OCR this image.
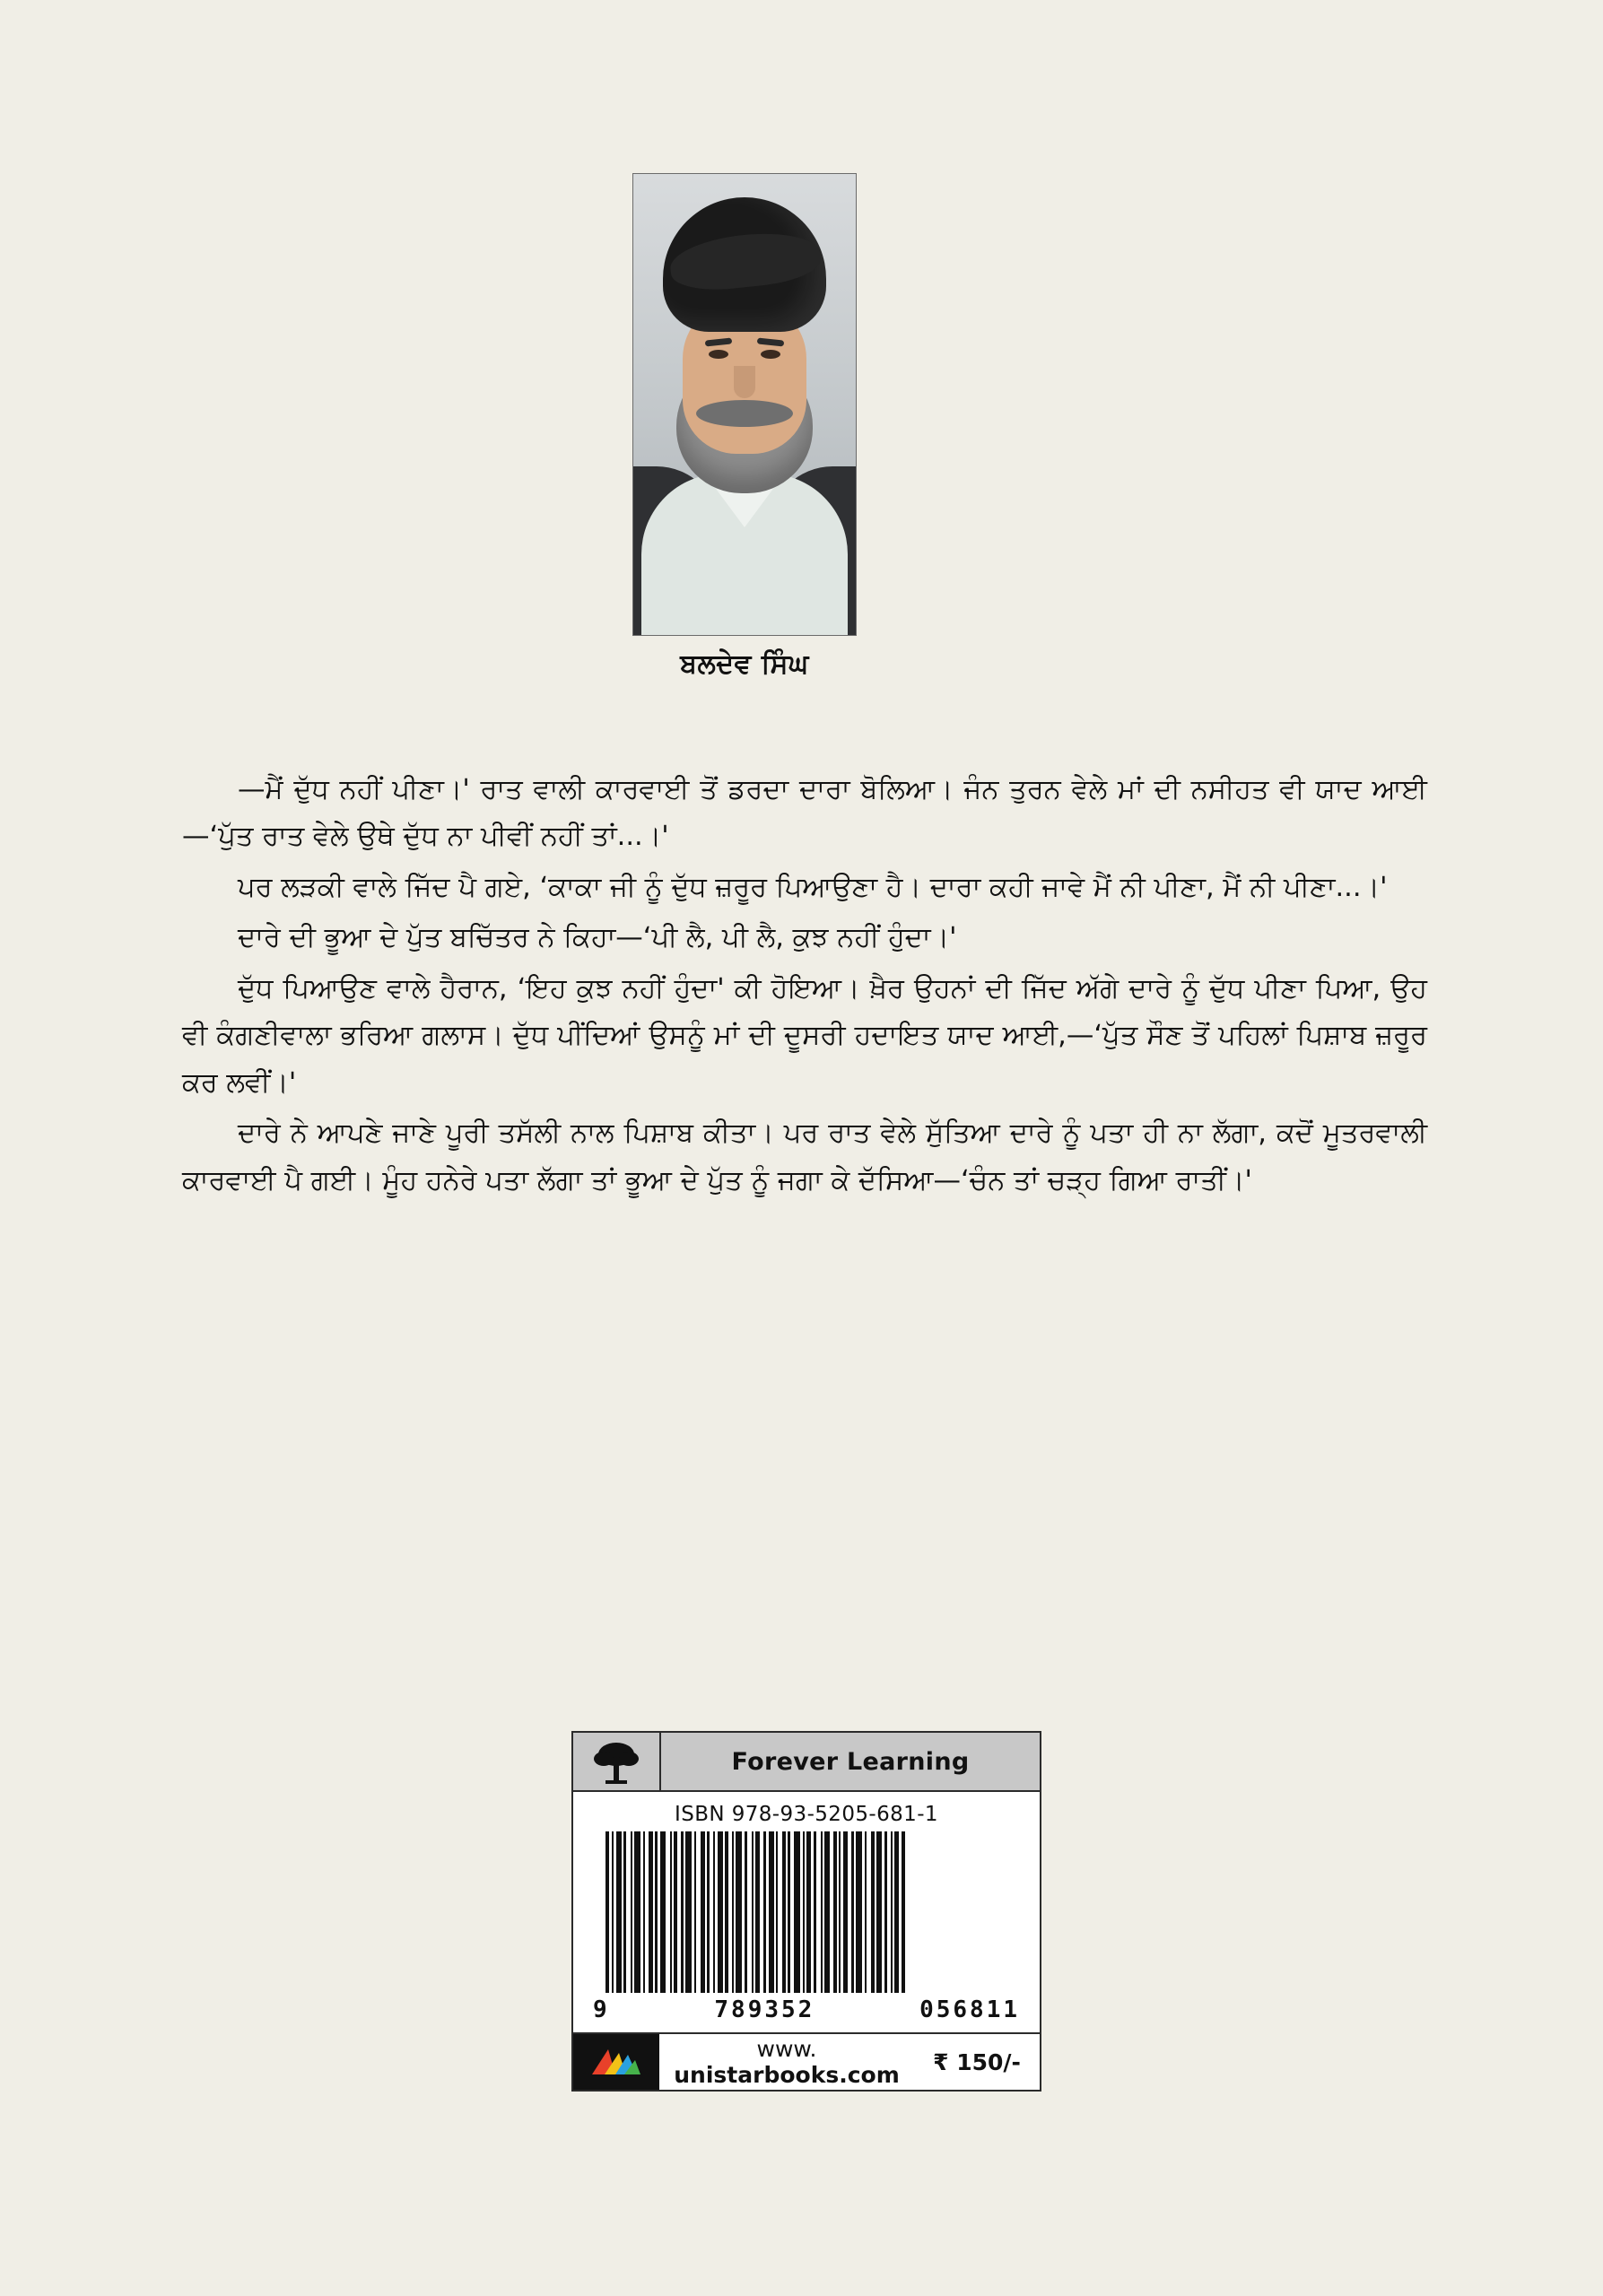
ਬਲਦੇਵ ਸਿੰਘ

—ਮੈਂ ਦੁੱਧ ਨਹੀਂ ਪੀਣਾ।' ਰਾਤ ਵਾਲੀ ਕਾਰਵਾਈ ਤੋਂ ਡਰਦਾ ਦਾਰਾ ਬੋਲਿਆ। ਜੰਨ ਤੁਰਨ ਵੇਲੇ ਮਾਂ ਦੀ ਨਸੀਹਤ ਵੀ ਯਾਦ ਆਈ—‘ਪੁੱਤ ਰਾਤ ਵੇਲੇ ਉਥੇ ਦੁੱਧ ਨਾ ਪੀਵੀਂ ਨਹੀਂ ਤਾਂ...।'

ਪਰ ਲੜਕੀ ਵਾਲੇ ਜਿੱਦ ਪੈ ਗਏ, ‘ਕਾਕਾ ਜੀ ਨੂੰ ਦੁੱਧ ਜ਼ਰੂਰ ਪਿਆਉਣਾ ਹੈ। ਦਾਰਾ ਕਹੀ ਜਾਵੇ ਮੈਂ ਨੀ ਪੀਣਾ, ਮੈਂ ਨੀ ਪੀਣਾ...।'

ਦਾਰੇ ਦੀ ਭੂਆ ਦੇ ਪੁੱਤ ਬਚਿੱਤਰ ਨੇ ਕਿਹਾ—‘ਪੀ ਲੈ, ਪੀ ਲੈ, ਕੁਝ ਨਹੀਂ ਹੁੰਦਾ।'

ਦੁੱਧ ਪਿਆਉਣ ਵਾਲੇ ਹੈਰਾਨ, ‘ਇਹ ਕੁਝ ਨਹੀਂ ਹੁੰਦਾ' ਕੀ ਹੋਇਆ। ਖ਼ੈਰ ਉਹਨਾਂ ਦੀ ਜਿੱਦ ਅੱਗੇ ਦਾਰੇ ਨੂੰ ਦੁੱਧ ਪੀਣਾ ਪਿਆ, ਉਹ ਵੀ ਕੰਗਣੀਵਾਲਾ ਭਰਿਆ ਗਲਾਸ। ਦੁੱਧ ਪੀਂਦਿਆਂ ਉਸਨੂੰ ਮਾਂ ਦੀ ਦੂਸਰੀ ਹਦਾਇਤ ਯਾਦ ਆਈ,—‘ਪੁੱਤ ਸੌਣ ਤੋਂ ਪਹਿਲਾਂ ਪਿਸ਼ਾਬ ਜ਼ਰੂਰ ਕਰ ਲਵੀਂ।'

ਦਾਰੇ ਨੇ ਆਪਣੇ ਜਾਣੇ ਪੂਰੀ ਤਸੱਲੀ ਨਾਲ ਪਿਸ਼ਾਬ ਕੀਤਾ। ਪਰ ਰਾਤ ਵੇਲੇ ਸੁੱਤਿਆ ਦਾਰੇ ਨੂੰ ਪਤਾ ਹੀ ਨਾ ਲੱਗਾ, ਕਦੋਂ ਮੂਤਰਵਾਲੀ ਕਾਰਵਾਈ ਪੈ ਗਈ। ਮੂੰਹ ਹਨੇਰੇ ਪਤਾ ਲੱਗਾ ਤਾਂ ਭੂਆ ਦੇ ਪੁੱਤ ਨੂੰ ਜਗਾ ਕੇ ਦੱਸਿਆ—‘ਚੰਨ ਤਾਂ ਚੜ੍ਹ ਗਿਆ ਰਾਤੀਂ।'

Forever Learning
ISBN 978-93-5205-681-1
9	789352	056811
www. unistarbooks.com	₹ 150/-
